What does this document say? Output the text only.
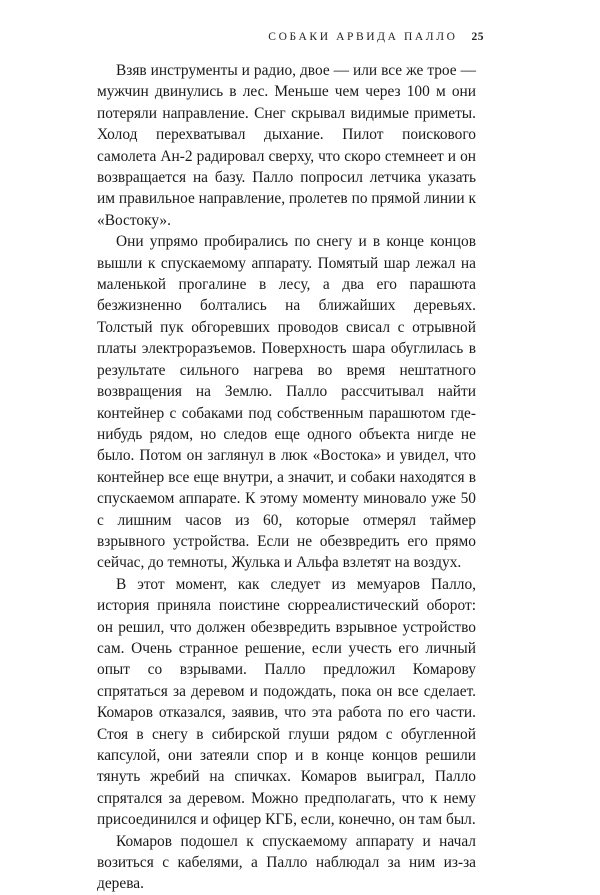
СОБАКИ АРВИДА ПАЛЛО 25

Взяв инструменты и радио, двое — или все же трое — мужчин двинулись в лес. Меньше чем через 100 м они потеряли направление. Снег скрывал видимые приметы. Холод перехватывал дыхание. Пилот поискового самолета Ан-2 радировал сверху, что скоро стемнеет и он возвращается на базу. Палло попросил летчика указать им правильное направление, пролетев по прямой линии к «Востоку».

Они упрямо пробирались по снегу и в конце концов вышли к спускаемому аппарату. Помятый шар лежал на маленькой прогалине в лесу, а два его парашюта безжизненно болтались на ближайших деревьях. Толстый пук обгоревших проводов свисал с отрывной платы электроразъемов. Поверхность шара обуглилась в результате сильного нагрева во время нештатного возвращения на Землю. Палло рассчитывал найти контейнер с собаками под собственным парашютом где-нибудь рядом, но следов еще одного объекта нигде не было. Потом он заглянул в люк «Востока» и увидел, что контейнер все еще внутри, а значит, и собаки находятся в спускаемом аппарате. К этому моменту миновало уже 50 с лишним часов из 60, которые отмерял таймер взрывного устройства. Если не обезвредить его прямо сейчас, до темноты, Жулька и Альфа взлетят на воздух.

В этот момент, как следует из мемуаров Палло, история приняла поистине сюрреалистический оборот: он решил, что должен обезвредить взрывное устройство сам. Очень странное решение, если учесть его личный опыт со взрывами. Палло предложил Комарову спрятаться за деревом и подождать, пока он все сделает. Комаров отказался, заявив, что эта работа по его части. Стоя в снегу в сибирской глуши рядом с обугленной капсулой, они затеяли спор и в конце концов решили тянуть жребий на спичках. Комаров выиграл, Палло спрятался за деревом. Можно предполагать, что к нему присоединился и офицер КГБ, если, конечно, он там был.

Комаров подошел к спускаемому аппарату и начал возиться с кабелями, а Палло наблюдал за ним из-за дерева.
